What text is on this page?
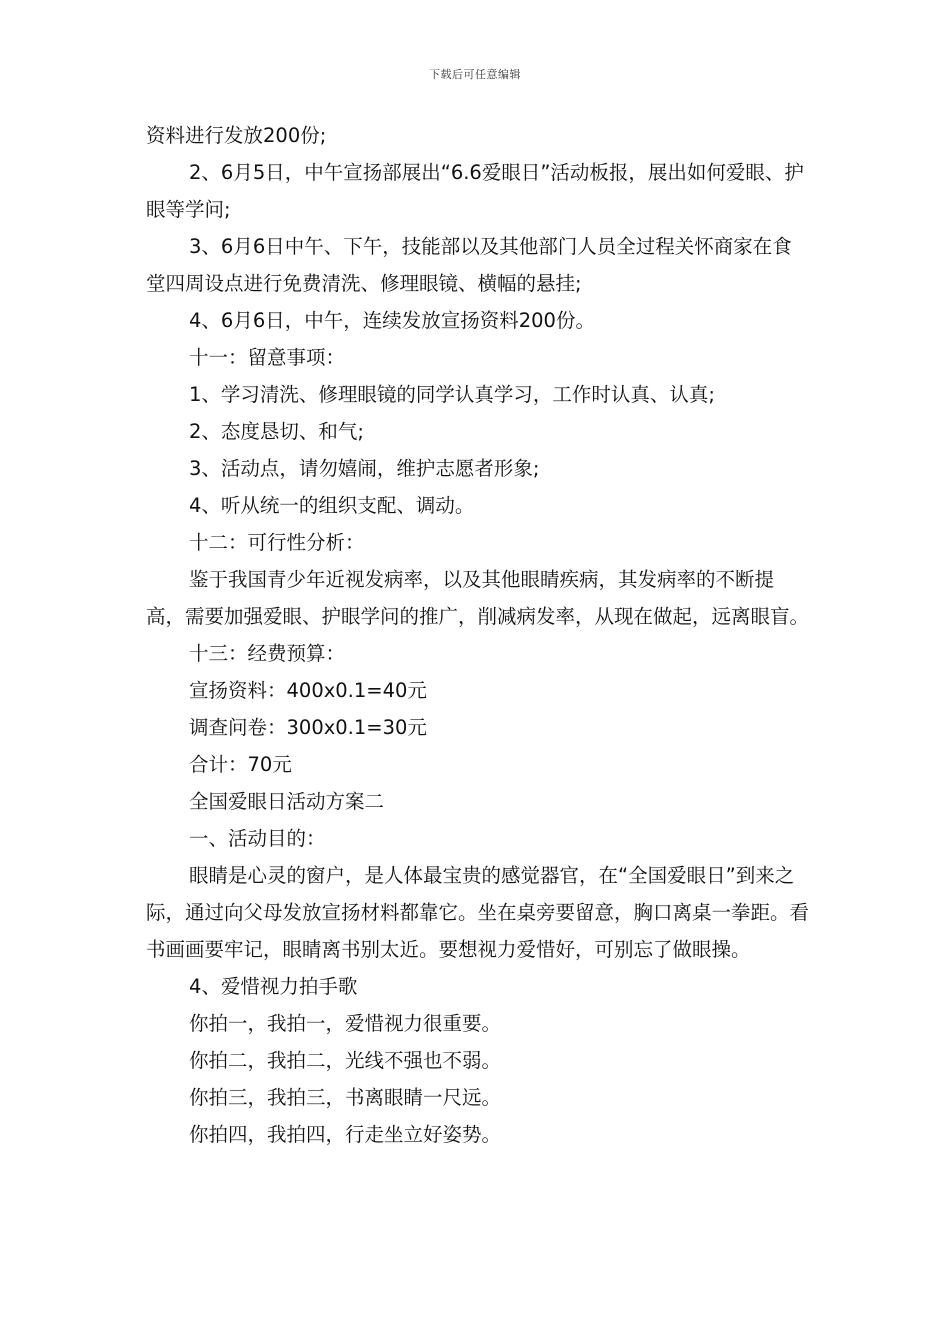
下载后可任意编辑

资料进行发放200份;

2、6月5日，中午宣扬部展出“6.6爱眼日”活动板报，展出如何爱眼、护眼等学问;

3、6月6日中午、下午，技能部以及其他部门人员全过程关怀商家在食堂四周设点进行免费清洗、修理眼镜、横幅的悬挂;

4、6月6日，中午，连续发放宣扬资料200份。

十一：留意事项：

1、学习清洗、修理眼镜的同学认真学习，工作时认真、认真;

2、态度恳切、和气;

3、活动点，请勿嬉闹，维护志愿者形象;

4、听从统一的组织支配、调动。

十二：可行性分析：

鉴于我国青少年近视发病率，以及其他眼睛疾病，其发病率的不断提高，需要加强爱眼、护眼学问的推广，削减病发率，从现在做起，远离眼盲。

十三：经费预算：

宣扬资料：400x0.1=40元

调查问卷：300x0.1=30元

合计：70元

全国爱眼日活动方案二

一、活动目的：

眼睛是心灵的窗户，是人体最宝贵的感觉器官，在“全国爱眼日”到来之际，通过向父母发放宣扬材料都靠它。坐在桌旁要留意，胸口离桌一拳距。看书画画要牢记，眼睛离书别太近。要想视力爱惜好，可别忘了做眼操。

4、爱惜视力拍手歌

你拍一，我拍一，爱惜视力很重要。

你拍二，我拍二，光线不强也不弱。

你拍三，我拍三，书离眼睛一尺远。

你拍四，我拍四，行走坐立好姿势。
